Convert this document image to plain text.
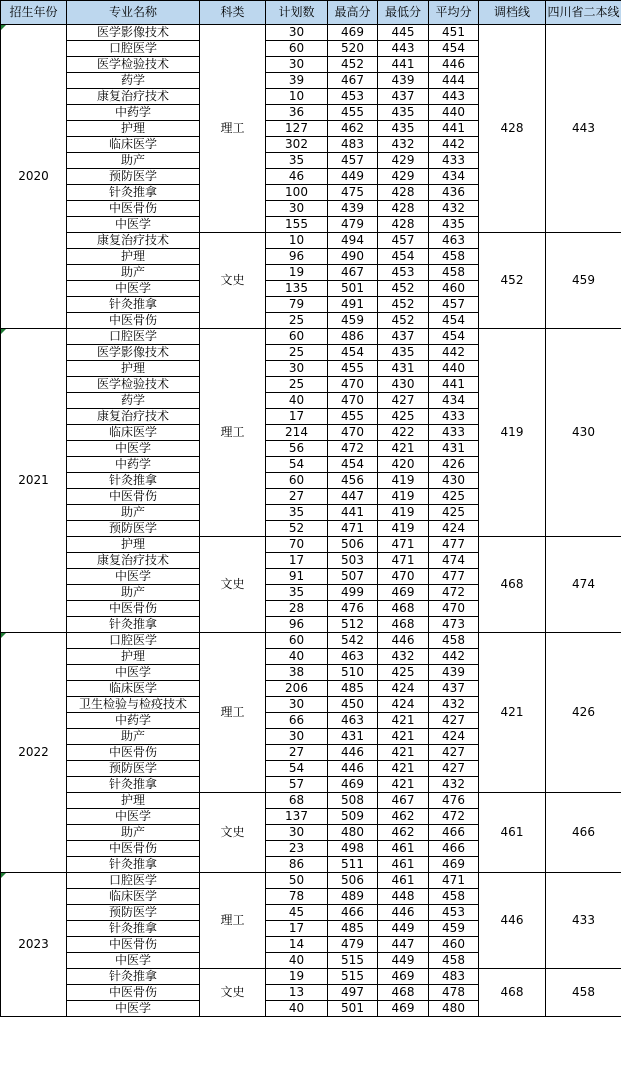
招生年份	专业名称	科类	计划数	最高分	最低分	平均分	调档线	四川省二本线
2020	医学影像技术	理工	30	469	445	451	428	443
	口腔医学		60	520	443	454		
	医学检验技术		30	452	441	446		
	药学		39	467	439	444		
	康复治疗技术		10	453	437	443		
	中药学		36	455	435	440		
	护理		127	462	435	441		
	临床医学		302	483	432	442		
	助产		35	457	429	433		
	预防医学		46	449	429	434		
	针灸推拿		100	475	428	436		
	中医骨伤		30	439	428	432		
	中医学		155	479	428	435		
	康复治疗技术	文史	10	494	457	463	452	459
	护理		96	490	454	458		
	助产		19	467	453	458		
	中医学		135	501	452	460		
	针灸推拿		79	491	452	457		
	中医骨伤		25	459	452	454		
2021	口腔医学	理工	60	486	437	454	419	430
	医学影像技术		25	454	435	442		
	护理		30	455	431	440		
	医学检验技术		25	470	430	441		
	药学		40	470	427	434		
	康复治疗技术		17	455	425	433		
	临床医学		214	470	422	433		
	中医学		56	472	421	431		
	中药学		54	454	420	426		
	针灸推拿		60	456	419	430		
	中医骨伤		27	447	419	425		
	助产		35	441	419	425		
	预防医学		52	471	419	424		
	护理	文史	70	506	471	477	468	474
	康复治疗技术		17	503	471	474		
	中医学		91	507	470	477		
	助产		35	499	469	472		
	中医骨伤		28	476	468	470		
	针灸推拿		96	512	468	473		
2022	口腔医学	理工	60	542	446	458	421	426
	护理		40	463	432	442		
	中医学		38	510	425	439		
	临床医学		206	485	424	437		
	卫生检验与检疫技术		30	450	424	432		
	中药学		66	463	421	427		
	助产		30	431	421	424		
	中医骨伤		27	446	421	427		
	预防医学		54	446	421	427		
	针灸推拿		57	469	421	432		
	护理	文史	68	508	467	476	461	466
	中医学		137	509	462	472		
	助产		30	480	462	466		
	中医骨伤		23	498	461	466		
	针灸推拿		86	511	461	469		
2023	口腔医学	理工	50	506	461	471	446	433
	临床医学		78	489	448	458		
	预防医学		45	466	446	453		
	针灸推拿		17	485	449	459		
	中医骨伤		14	479	447	460		
	中医学		40	515	449	458		
	针灸推拿	文史	19	515	469	483	468	458
	中医骨伤		13	497	468	478		
	中医学		40	501	469	480		
